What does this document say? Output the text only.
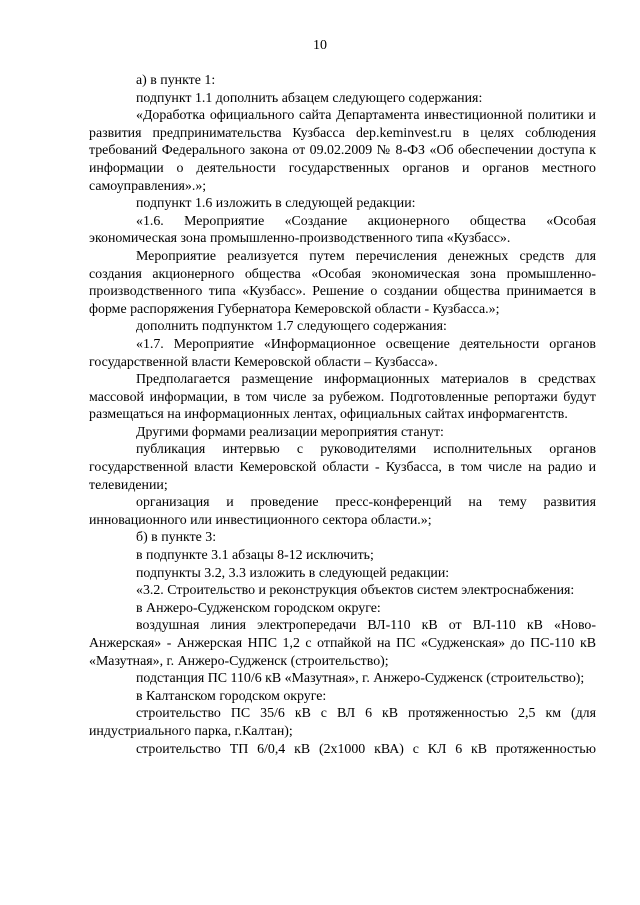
10

а) в пункте 1:

подпункт 1.1 дополнить абзацем следующего содержания:

«Доработка официального сайта Департамента инвестиционной политики и развития предпринимательства Кузбасса dep.keminvest.ru в целях соблюдения требований Федерального закона от 09.02.2009 № 8-ФЗ «Об обеспечении доступа к информации о деятельности государственных органов и органов местного самоуправления».»;

подпункт 1.6 изложить в следующей редакции:

«1.6. Мероприятие «Создание акционерного общества «Особая экономическая зона промышленно-производственного типа «Кузбасс».

Мероприятие реализуется путем перечисления денежных средств для создания акционерного общества «Особая экономическая зона промышленно-производственного типа «Кузбасс». Решение о создании общества принимается в форме распоряжения Губернатора Кемеровской области - Кузбасса.»;

дополнить подпунктом 1.7 следующего содержания:

«1.7. Мероприятие «Информационное освещение деятельности органов государственной власти Кемеровской области – Кузбасса».

Предполагается размещение информационных материалов в средствах массовой информации, в том числе за рубежом. Подготовленные репортажи будут размещаться на информационных лентах, официальных сайтах информагентств.

Другими формами реализации мероприятия станут:

публикация интервью с руководителями исполнительных органов государственной власти Кемеровской области - Кузбасса, в том числе на радио и телевидении;

организация и проведение пресс-конференций на тему развития инновационного или инвестиционного сектора области.»;

б) в пункте 3:

в подпункте 3.1 абзацы 8-12 исключить;

подпункты 3.2, 3.3 изложить в следующей редакции:

«3.2. Строительство и реконструкция объектов систем электроснабжения:

в Анжеро-Судженском городском округе:

воздушная линия электропередачи ВЛ-110 кВ от ВЛ-110 кВ «Ново-Анжерская» - Анжерская НПС 1,2 с отпайкой на ПС «Судженская» до ПС-110 кВ «Мазутная», г. Анжеро-Судженск (строительство);

подстанция ПС 110/6 кВ «Мазутная», г. Анжеро-Судженск (строительство);

в Калтанском городском округе:

строительство ПС 35/6 кВ с ВЛ 6 кВ протяженностью 2,5 км (для индустриального парка, г.Калтан);

строительство ТП 6/0,4 кВ (2х1000 кВА) с КЛ 6 кВ протяженностью
